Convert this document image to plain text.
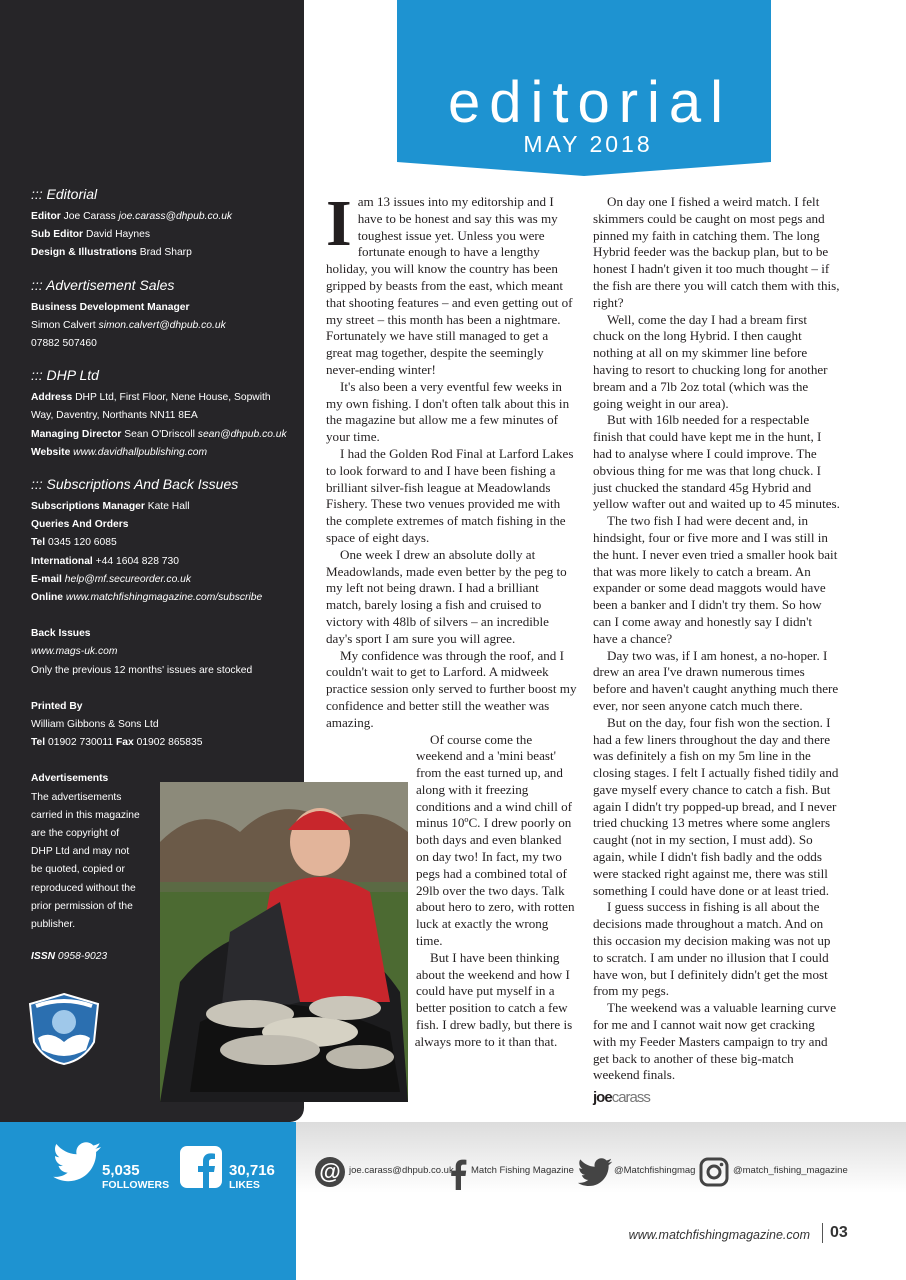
::: Editorial
Editor Joe Carass joe.carass@dhpub.co.uk
Sub Editor David Haynes
Design & Illustrations Brad Sharp
::: Advertisement Sales
Business Development Manager
Simon Calvert simon.calvert@dhpub.co.uk
07882 507460
::: DHP Ltd
Address DHP Ltd, First Floor, Nene House, Sopwith
Way, Daventry, Northants NN11 8EA
Managing Director Sean O'Driscoll sean@dhpub.co.uk
Website www.davidhallpublishing.com
::: Subscriptions And Back Issues
Subscriptions Manager Kate Hall
Queries And Orders
Tel 0345 120 6085
International +44 1604 828 730
E-mail help@mf.secureorder.co.uk
Online www.matchfishingmagazine.com/subscribe
Back Issues
www.mags-uk.com
Only the previous 12 months' issues are stocked
Printed By
William Gibbons & Sons Ltd
Tel 01902 730011 Fax 01902 865835
Advertisements
The advertisements carried in this magazine are the copyright of DHP Ltd and may not be quoted, copied or reproduced without the prior permission of the publisher.
ISSN 0958-9023
editorial
MAY 2018

Iam 13 issues into my editorship and I have to be honest and say this was my toughest issue yet. Unless you were fortunate enough to have a lengthy holiday, you will know the country has been gripped by beasts from the east, which meant that shooting features – and even getting out of my street – this month has been a nightmare. Fortunately we have still managed to get a great mag together, despite the seemingly never-ending winter!

It's also been a very eventful few weeks in my own fishing. I don't often talk about this in the magazine but allow me a few minutes of your time.

I had the Golden Rod Final at Larford Lakes to look forward to and I have been fishing a brilliant silver-fish league at Meadowlands Fishery. These two venues provided me with the complete extremes of match fishing in the space of eight days.

One week I drew an absolute dolly at Meadowlands, made even better by the peg to my left not being drawn. I had a brilliant match, barely losing a fish and cruised to victory with 48lb of silvers – an incredible day's sport I am sure you will agree.

My confidence was through the roof, and I couldn't wait to get to Larford. A midweek practice session only served to further boost my confidence and better still the weather was amazing.

Of course come the weekend and a 'mini beast' from the east turned up, and along with it freezing conditions and a wind chill of minus 10ºC. I drew poorly on both days and even blanked on day two! In fact, my two pegs had a combined total of 29lb over the two days. Talk about hero to zero, with rotten luck at exactly the wrong time.

But I have been thinking about the weekend and how I could have put myself in a better position to catch a few fish. I drew badly, but there is always more to it than that.

On day one I fished a weird match. I felt skimmers could be caught on most pegs and pinned my faith in catching them. The long Hybrid feeder was the backup plan, but to be honest I hadn't given it too much thought – if the fish are there you will catch them with this, right?

Well, come the day I had a bream first chuck on the long Hybrid. I then caught nothing at all on my skimmer line before having to resort to chucking long for another bream and a 7lb 2oz total (which was the going weight in our area).

But with 16lb needed for a respectable finish that could have kept me in the hunt, I had to analyse where I could improve. The obvious thing for me was that long chuck. I just chucked the standard 45g Hybrid and yellow wafter out and waited up to 45 minutes.

The two fish I had were decent and, in hindsight, four or five more and I was still in the hunt. I never even tried a smaller hook bait that was more likely to catch a bream. An expander or some dead maggots would have been a banker and I didn't try them. So how can I come away and honestly say I didn't have a chance?

Day two was, if I am honest, a no-hoper. I drew an area I've drawn numerous times before and haven't caught anything much there ever, nor seen anyone catch much there.

But on the day, four fish won the section. I had a few liners throughout the day and there was definitely a fish on my 5m line in the closing stages. I felt I actually fished tidily and gave myself every chance to catch a fish. But again I didn't try popped-up bread, and I never tried chucking 13 metres where some anglers caught (not in my section, I must add). So again, while I didn't fish badly and the odds were stacked right against me, there was still something I could have done or at least tried.

I guess success in fishing is all about the decisions made throughout a match. And on this occasion my decision making was not up to scratch. I am under no illusion that I could have won, but I definitely didn't get the most from my pegs.

The weekend was a valuable learning curve for me and I cannot wait now get cracking with my Feeder Masters campaign to try and get back to another of these big-match weekend finals.

joecarass
5,035
FOLLOWERS
30,716
LIKES
@ joe.carass@dhpub.co.uk Match Fishing Magazine	@Matchfishingmag	@match_fishing_magazine
www.matchfishingmagazine.com	03
